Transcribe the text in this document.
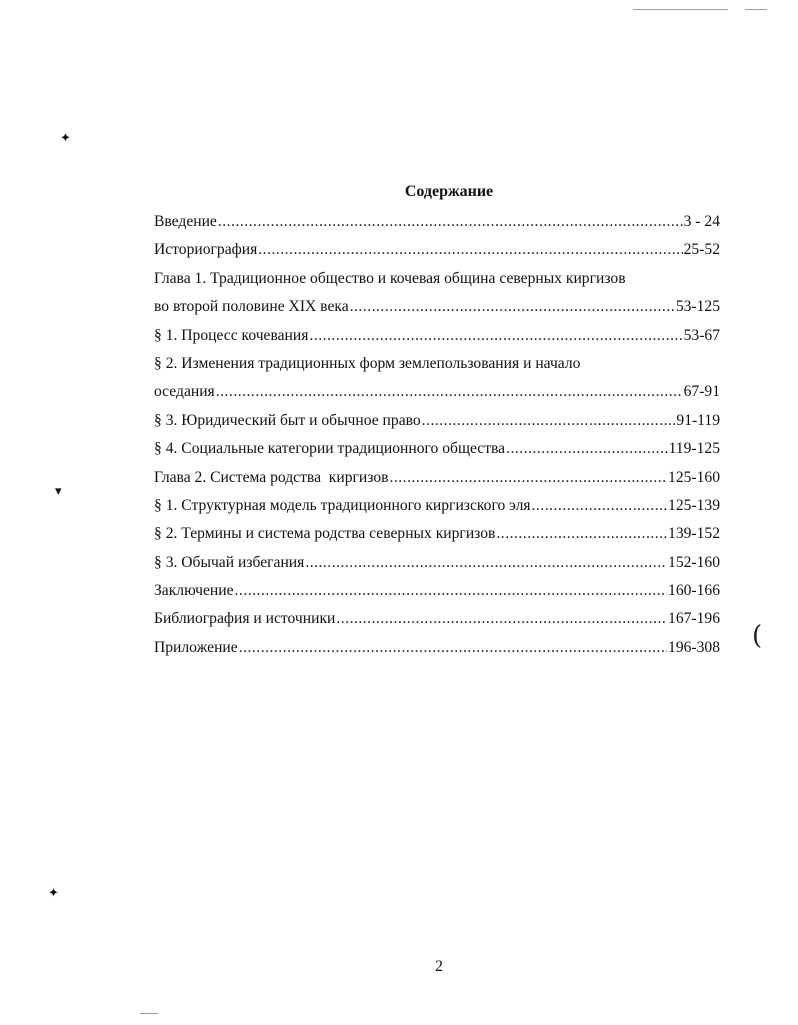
✦
▾
✦
Содержание
Введение .....	3 - 24
Историография .....	25-52
Глава 1. Традиционное общество и кочевая община северных киргизов
во второй половине XIX века .....	53-125
§ 1. Процесс кочевания .....	53-67
§ 2. Изменения традиционных форм землепользования и начало
оседания .....	67-91
§ 3. Юридический быт и обычное право .....	91-119
§ 4. Социальные категории традиционного общества .....	119-125
Глава 2. Система родства  киргизов .....	125-160
§ 1. Структурная модель традиционного киргизского эля .....	125-139
§ 2. Термины и система родства северных киргизов .....	139-152
§ 3. Обычай избегания .....	152-160
Заключение .....	160-166
Библиография и источники .....	167-196
Приложение .....	196-308 (
2
